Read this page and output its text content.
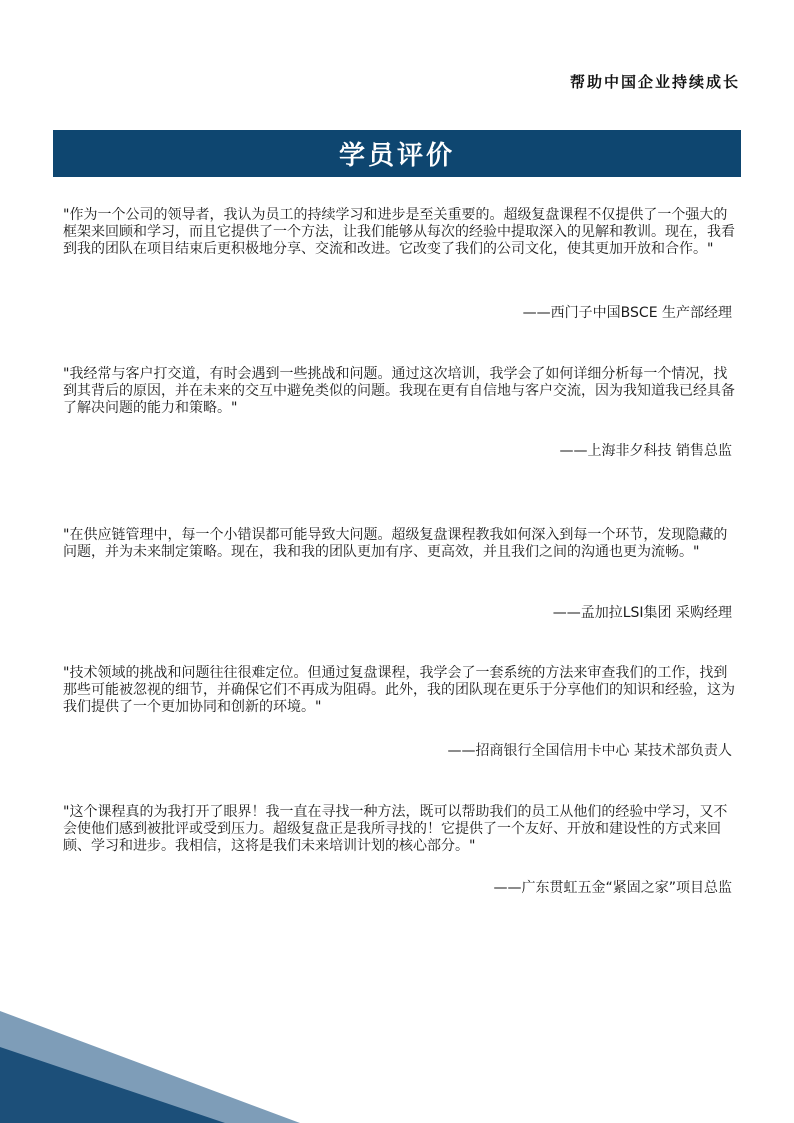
帮助中国企业持续成长
学员评价
"作为一个公司的领导者，我认为员工的持续学习和进步是至关重要的。超级复盘课程不仅提供了一个强大的框架来回顾和学习，而且它提供了一个方法，让我们能够从每次的经验中提取深入的见解和教训。现在，我看到我的团队在项目结束后更积极地分享、交流和改进。它改变了我们的公司文化，使其更加开放和合作。"
——西门子中国BSCE 生产部经理
"我经常与客户打交道，有时会遇到一些挑战和问题。通过这次培训，我学会了如何详细分析每一个情况，找到其背后的原因，并在未来的交互中避免类似的问题。我现在更有自信地与客户交流，因为我知道我已经具备了解决问题的能力和策略。"
——上海非夕科技 销售总监
"在供应链管理中，每一个小错误都可能导致大问题。超级复盘课程教我如何深入到每一个环节，发现隐藏的问题，并为未来制定策略。现在，我和我的团队更加有序、更高效，并且我们之间的沟通也更为流畅。"
——孟加拉LSI集团 采购经理
"技术领域的挑战和问题往往很难定位。但通过复盘课程，我学会了一套系统的方法来审查我们的工作，找到那些可能被忽视的细节，并确保它们不再成为阻碍。此外，我的团队现在更乐于分享他们的知识和经验，这为我们提供了一个更加协同和创新的环境。"
——招商银行全国信用卡中心 某技术部负责人
"这个课程真的为我打开了眼界！我一直在寻找一种方法，既可以帮助我们的员工从他们的经验中学习，又不会使他们感到被批评或受到压力。超级复盘正是我所寻找的！它提供了一个友好、开放和建设性的方式来回顾、学习和进步。我相信，这将是我们未来培训计划的核心部分。"
——广东贯虹五金“紧固之家”项目总监
